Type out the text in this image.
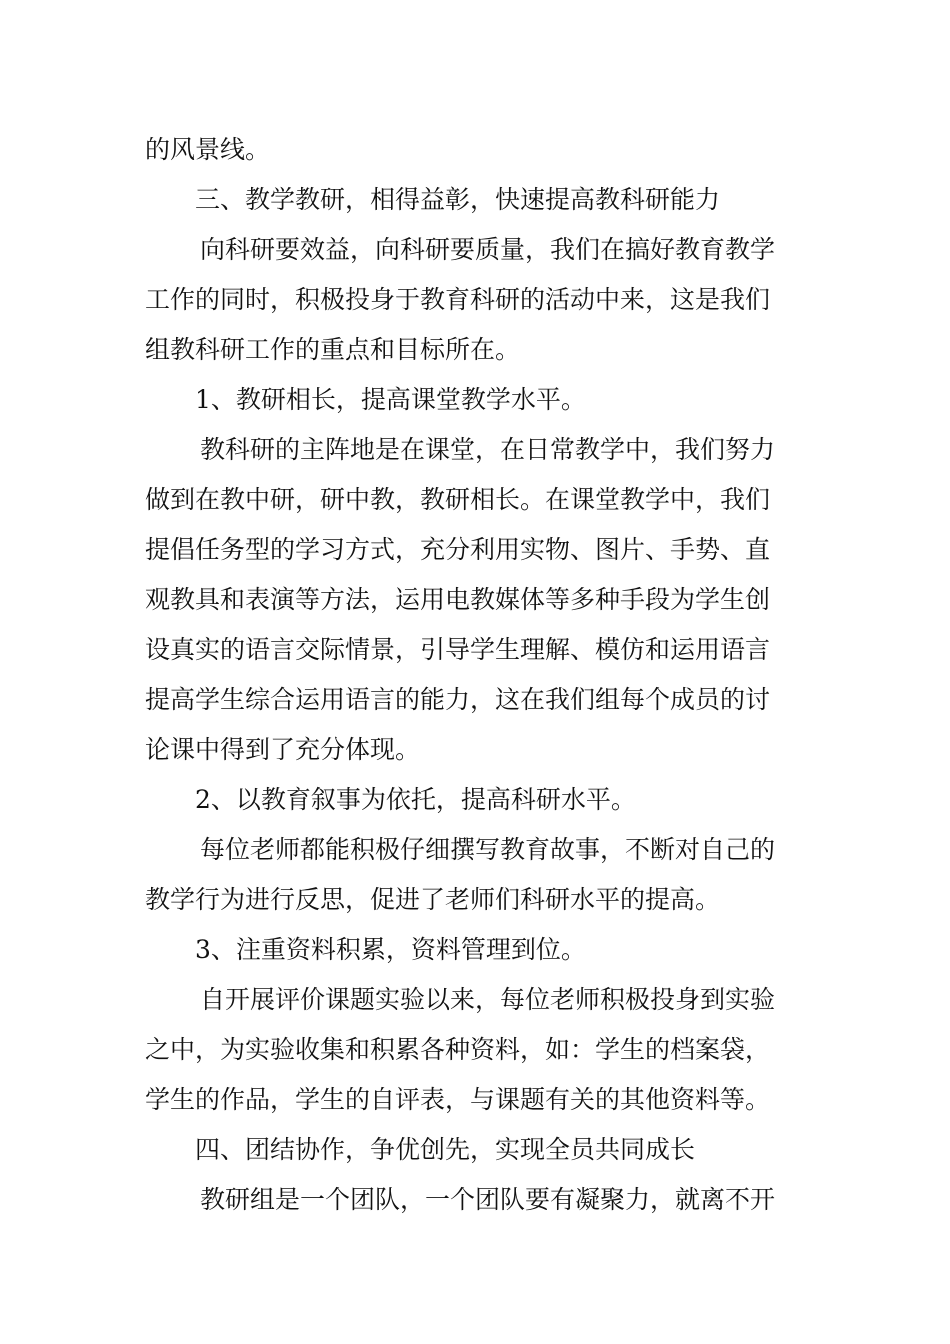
的风景线。
三、教学教研，相得益彰，快速提高教科研能力
向科研要效益，向科研要质量，我们在搞好教育教学
工作的同时，积极投身于教育科研的活动中来，这是我们
组教科研工作的重点和目标所在。
1、教研相长，提高课堂教学水平。
教科研的主阵地是在课堂，在日常教学中，我们努力
做到在教中研，研中教，教研相长。在课堂教学中，我们
提倡任务型的学习方式，充分利用实物、图片、手势、直
观教具和表演等方法，运用电教媒体等多种手段为学生创
设真实的语言交际情景，引导学生理解、模仿和运用语言
提高学生综合运用语言的能力，这在我们组每个成员的讨
论课中得到了充分体现。
2、以教育叙事为依托，提高科研水平。
每位老师都能积极仔细撰写教育故事，不断对自己的
教学行为进行反思，促进了老师们科研水平的提高。
3、注重资料积累，资料管理到位。
自开展评价课题实验以来，每位老师积极投身到实验
之中，为实验收集和积累各种资料，如：学生的档案袋，
学生的作品，学生的自评表，与课题有关的其他资料等。
四、团结协作，争优创先，实现全员共同成长
教研组是一个团队，一个团队要有凝聚力，就离不开
